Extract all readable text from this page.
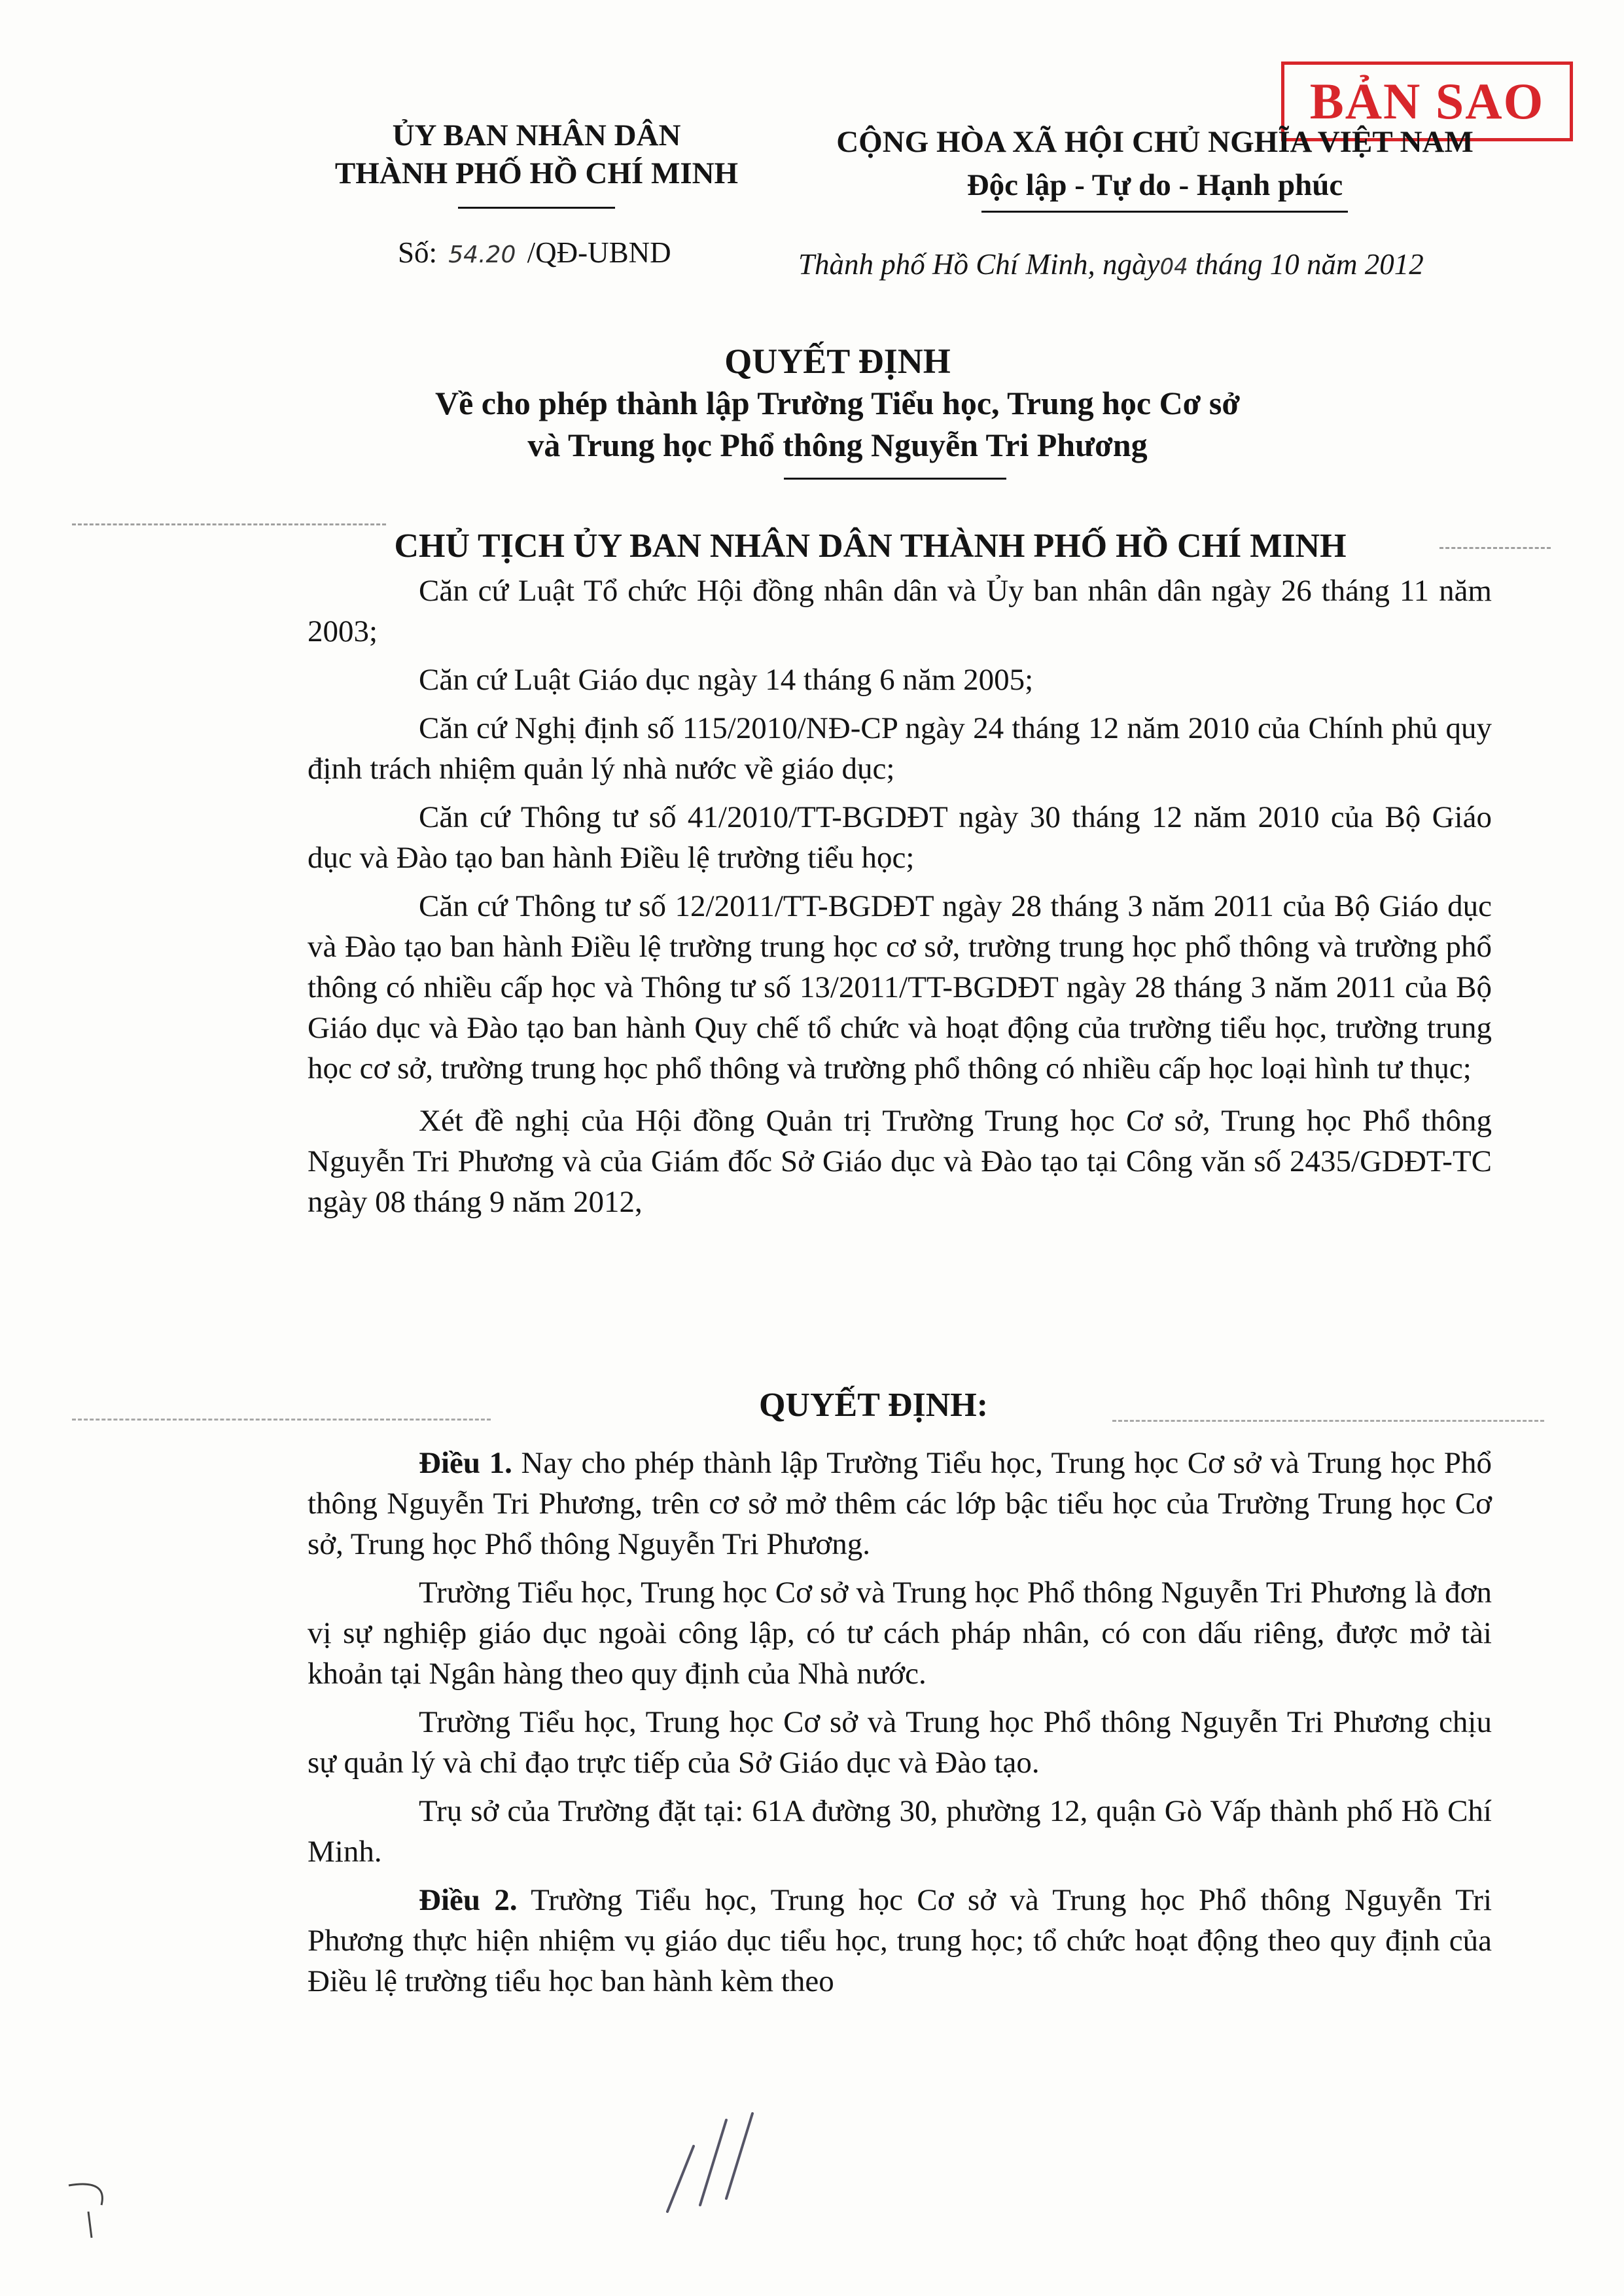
BẢN SAO
ỦY BAN NHÂN DÂN
THÀNH PHỐ HỒ CHÍ MINH
CỘNG HÒA XÃ HỘI CHỦ NGHĨA VIỆT NAM
Độc lập - Tự do - Hạnh phúc
Số: 54.20 /QĐ-UBND	Thành phố Hồ Chí Minh, ngày04 tháng 10 năm 2012
QUYẾT ĐỊNH
Về cho phép thành lập Trường Tiểu học, Trung học Cơ sở
và Trung học Phổ thông Nguyễn Tri Phương
CHỦ TỊCH ỦY BAN NHÂN DÂN THÀNH PHỐ HỒ CHÍ MINH

Căn cứ Luật Tổ chức Hội đồng nhân dân và Ủy ban nhân dân ngày 26 tháng 11 năm 2003;

Căn cứ Luật Giáo dục ngày 14 tháng 6 năm 2005;

Căn cứ Nghị định số 115/2010/NĐ-CP ngày 24 tháng 12 năm 2010 của Chính phủ quy định trách nhiệm quản lý nhà nước về giáo dục;

Căn cứ Thông tư số 41/2010/TT-BGDĐT ngày 30 tháng 12 năm 2010 của Bộ Giáo dục và Đào tạo ban hành Điều lệ trường tiểu học;

Căn cứ Thông tư số 12/2011/TT-BGDĐT ngày 28 tháng 3 năm 2011 của Bộ Giáo dục và Đào tạo ban hành Điều lệ trường trung học cơ sở, trường trung học phổ thông và trường phổ thông có nhiều cấp học và Thông tư số 13/2011/TT-BGDĐT ngày 28 tháng 3 năm 2011 của Bộ Giáo dục và Đào tạo ban hành Quy chế tổ chức và hoạt động của trường tiểu học, trường trung học cơ sở, trường trung học phổ thông và trường phổ thông có nhiều cấp học loại hình tư thục;

Xét đề nghị của Hội đồng Quản trị Trường Trung học Cơ sở, Trung học Phổ thông Nguyễn Tri Phương và của Giám đốc Sở Giáo dục và Đào tạo tại Công văn số 2435/GDĐT-TC ngày 08 tháng 9 năm 2012,

QUYẾT ĐỊNH:

Điều 1. Nay cho phép thành lập Trường Tiểu học, Trung học Cơ sở và Trung học Phổ thông Nguyễn Tri Phương, trên cơ sở mở thêm các lớp bậc tiểu học của Trường Trung học Cơ sở, Trung học Phổ thông Nguyễn Tri Phương.

Trường Tiểu học, Trung học Cơ sở và Trung học Phổ thông Nguyễn Tri Phương là đơn vị sự nghiệp giáo dục ngoài công lập, có tư cách pháp nhân, có con dấu riêng, được mở tài khoản tại Ngân hàng theo quy định của Nhà nước.

Trường Tiểu học, Trung học Cơ sở và Trung học Phổ thông Nguyễn Tri Phương chịu sự quản lý và chỉ đạo trực tiếp của Sở Giáo dục và Đào tạo.

Trụ sở của Trường đặt tại: 61A đường 30, phường 12, quận Gò Vấp thành phố Hồ Chí Minh.

Điều 2. Trường Tiểu học, Trung học Cơ sở và Trung học Phổ thông Nguyễn Tri Phương thực hiện nhiệm vụ giáo dục tiểu học, trung học; tổ chức hoạt động theo quy định của Điều lệ trường tiểu học ban hành kèm theo
